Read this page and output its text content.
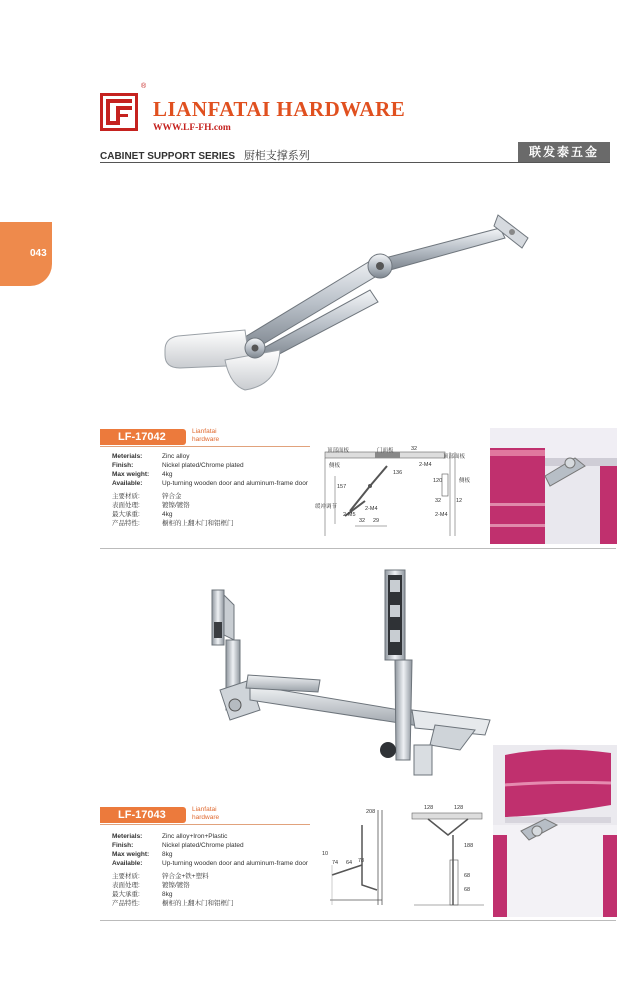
®
LIANFATAI HARDWARE
WWW.LF-FH.com
CABINET SUPPORT SERIES 厨柜支撑系列	联发泰五金
043
LF-17042	Lianfatai
hardware
Meterials:	Zinc alloy
Finish:	Nickel plated/Chrome plated
Max weight: 4kg
Available:	Up-turning wooden door and aluminum-frame door
主要材质:	锌合金
表面处理:	镀镍/镀铬
最大承重:	4kg
产品特性:	橱柜的上翻木门和铝框门
顶部面板	门面板	32
顶部面板
侧板	2-M4
136
120	侧板
157
32	12
缓冲调节	2-M4
2-M4
2-M5
32 29
LF-17043	Lianfatai
hardware
Meterials:	Zinc alloy+Iron+Plastic
Finish:	Nickel plated/Chrome plated
Max weight: 8kg
Available:	Up-turning wooden door and aluminum-frame door
主要材质:	锌合金+铁+塑料
表面处理:	镀镍/镀铬
最大承重:	8kg
产品特性:	橱柜的上翻木门和铝框门
208
10
74 64 78
128	128
188
68
68
